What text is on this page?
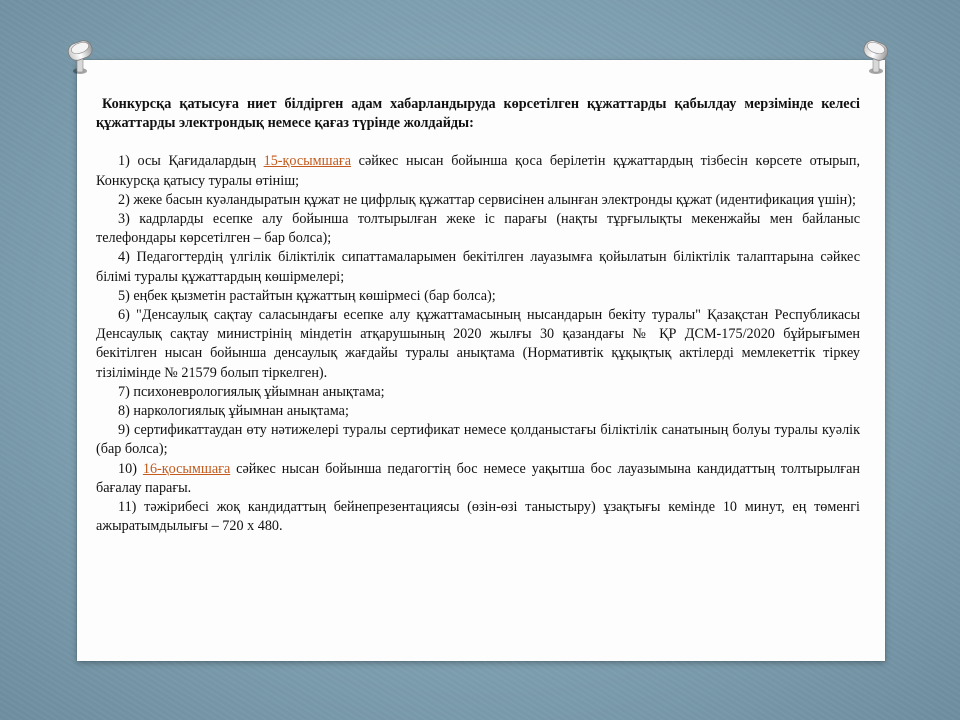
Конкурсқа қатысуға ниет білдірген адам хабарландыруда көрсетілген құжаттарды қабылдау мерзімінде келесі құжаттарды электрондық немесе қағаз түрінде жолдайды:

1) осы Қағидалардың 15-қосымшаға сәйкес нысан бойынша қоса берілетін құжаттардың тізбесін көрсете отырып, Конкурсқа қатысу туралы өтініш;

2) жеке басын куәландыратын құжат не цифрлық құжаттар сервисінен алынған электронды құжат (идентификация үшін);

3) кадрларды есепке алу бойынша толтырылған жеке іс парағы (нақты тұрғылықты мекенжайы мен байланыс телефондары көрсетілген – бар болса);

4) Педагогтердің үлгілік біліктілік сипаттамаларымен бекітілген лауазымға қойылатын біліктілік талаптарына сәйкес білімі туралы құжаттардың көшірмелері;

5) еңбек қызметін растайтын құжаттың көшірмесі (бар болса);

6) "Денсаулық сақтау саласындағы есепке алу құжаттамасының нысандарын бекіту туралы" Қазақстан Республикасы Денсаулық сақтау министрінің міндетін атқарушының 2020 жылғы 30 қазандағы № ҚР ДСМ-175/2020 бұйрығымен бекітілген нысан бойынша денсаулық жағдайы туралы анықтама (Нормативтік құқықтық актілерді мемлекеттік тіркеу тізілімінде № 21579 болып тіркелген).

7) психоневрологиялық ұйымнан анықтама;

8) наркологиялық ұйымнан анықтама;

9) сертификаттаудан өту нәтижелері туралы сертификат немесе қолданыстағы біліктілік санатының болуы туралы куәлік (бар болса);

10) 16-қосымшаға сәйкес нысан бойынша педагогтің бос немесе уақытша бос лауазымына кандидаттың толтырылған бағалау парағы.

11) тәжірибесі жоқ кандидаттың бейнепрезентациясы (өзін-өзі таныстыру) ұзақтығы кемінде 10 минут, ең төменгі ажыратымдылығы – 720 x 480.
